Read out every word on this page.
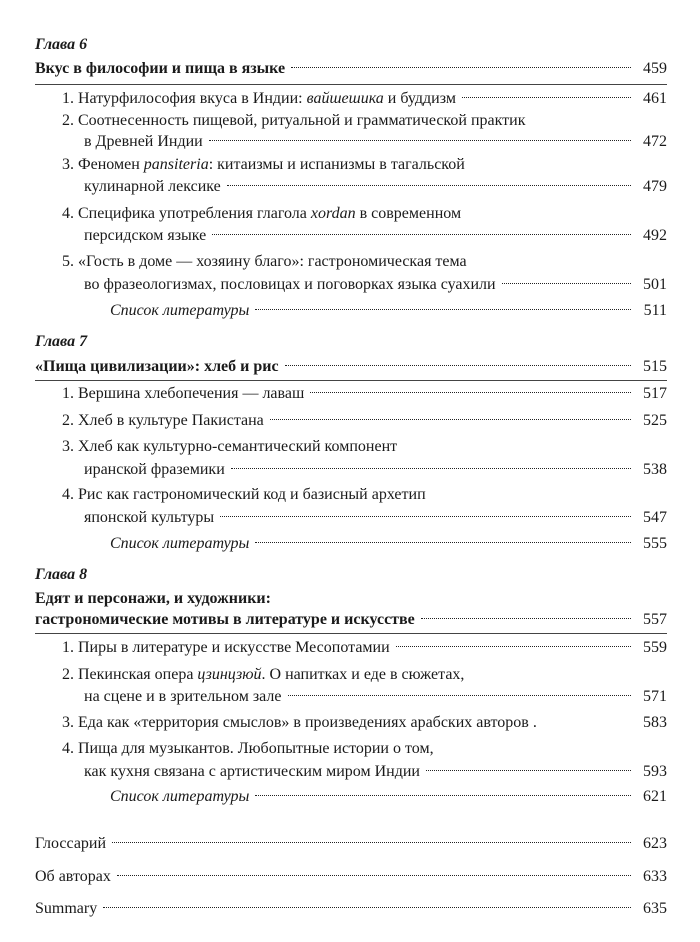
Глава 6
Вкус в философии и пища в языке	459
1. Натурфилософия вкуса в Индии: вайшешика и буддизм	461
2. Соотнесенность пищевой, ритуальной и грамматической практик
в Древней Индии	472
3. Феномен pansiteria: китаизмы и испанизмы в тагальской
кулинарной лексике	479
4. Специфика употребления глагола xordan в современном
персидском языке	492
5. «Гость в доме — хозяину благо»: гастрономическая тема
во фразеологизмах, пословицах и поговорках языка суахили	501
Список литературы	511
Глава 7
«Пища цивилизации»: хлеб и рис	515
1. Вершина хлебопечения — лаваш	517
2. Хлеб в культуре Пакистана	525
3. Хлеб как культурно-семантический компонент
иранской фраземики	538
4. Рис как гастрономический код и базисный архетип
японской культуры	547
Список литературы	555
Глава 8
Едят и персонажи, и художники:
гастрономические мотивы в литературе и искусстве	557
1. Пиры в литературе и искусстве Месопотамии	559
2. Пекинская опера цзинцзюй. О напитках и еде в сюжетах,
на сцене и в зрительном зале	571
3. Еда как «территория смыслов» в произведениях арабских авторов .	583
4. Пища для музыкантов. Любопытные истории о том,
как кухня связана с артистическим миром Индии	593
Список литературы	621
Глоссарий	623
Об авторах	633
Summary	635
